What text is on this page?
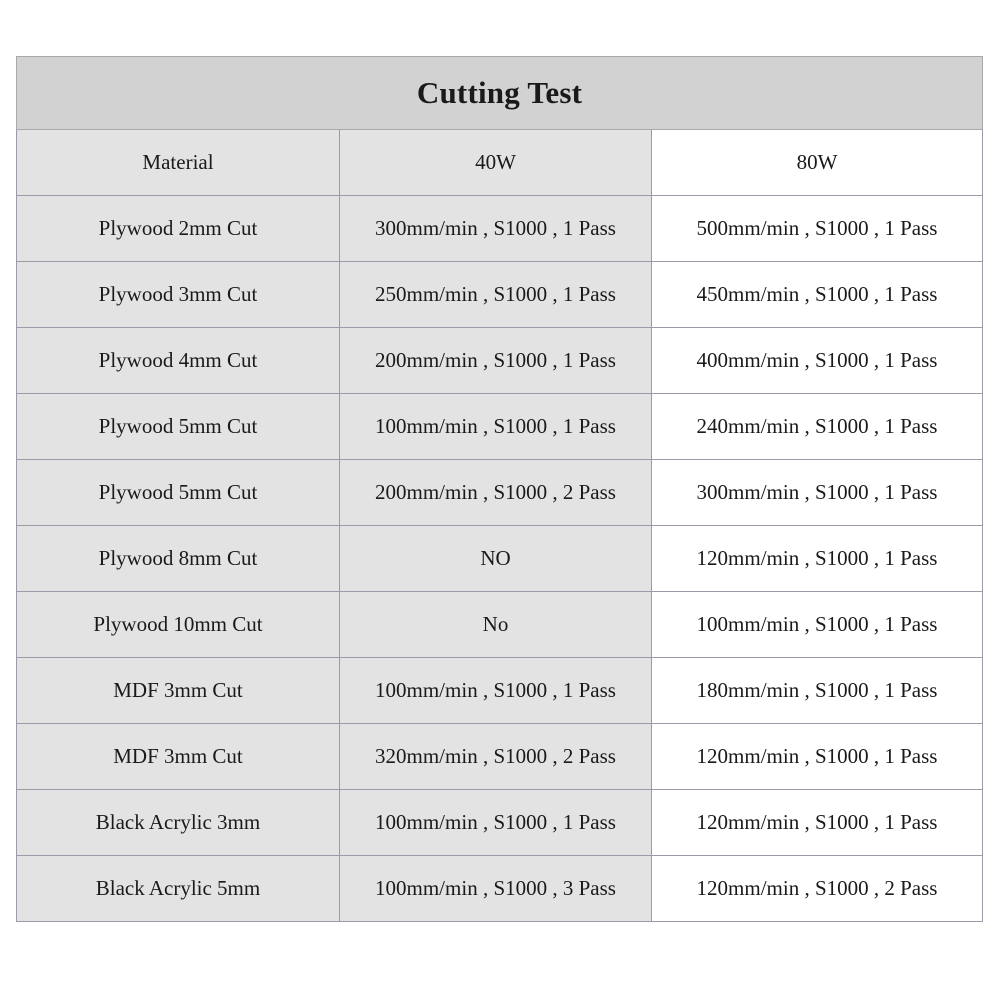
Cutting Test		
Material	40W	80W
Plywood 2mm Cut	300mm/min , S1000 , 1 Pass	500mm/min , S1000 , 1 Pass
Plywood 3mm Cut	250mm/min , S1000 , 1 Pass	450mm/min , S1000 , 1 Pass
Plywood 4mm Cut	200mm/min , S1000 , 1 Pass	400mm/min , S1000 , 1 Pass
Plywood 5mm Cut	100mm/min , S1000 , 1 Pass	240mm/min , S1000 , 1 Pass
Plywood 5mm Cut	200mm/min , S1000 , 2 Pass	300mm/min , S1000 , 1 Pass
Plywood 8mm Cut	NO	120mm/min , S1000 , 1 Pass
Plywood 10mm Cut	No	100mm/min , S1000 , 1 Pass
MDF 3mm Cut	100mm/min , S1000 , 1 Pass	180mm/min , S1000 , 1 Pass
MDF 3mm Cut	320mm/min , S1000 , 2 Pass	120mm/min , S1000 , 1 Pass
Black Acrylic 3mm	100mm/min , S1000 , 1 Pass	120mm/min , S1000 , 1 Pass
Black Acrylic 5mm	100mm/min , S1000 , 3 Pass	120mm/min , S1000 , 2 Pass
